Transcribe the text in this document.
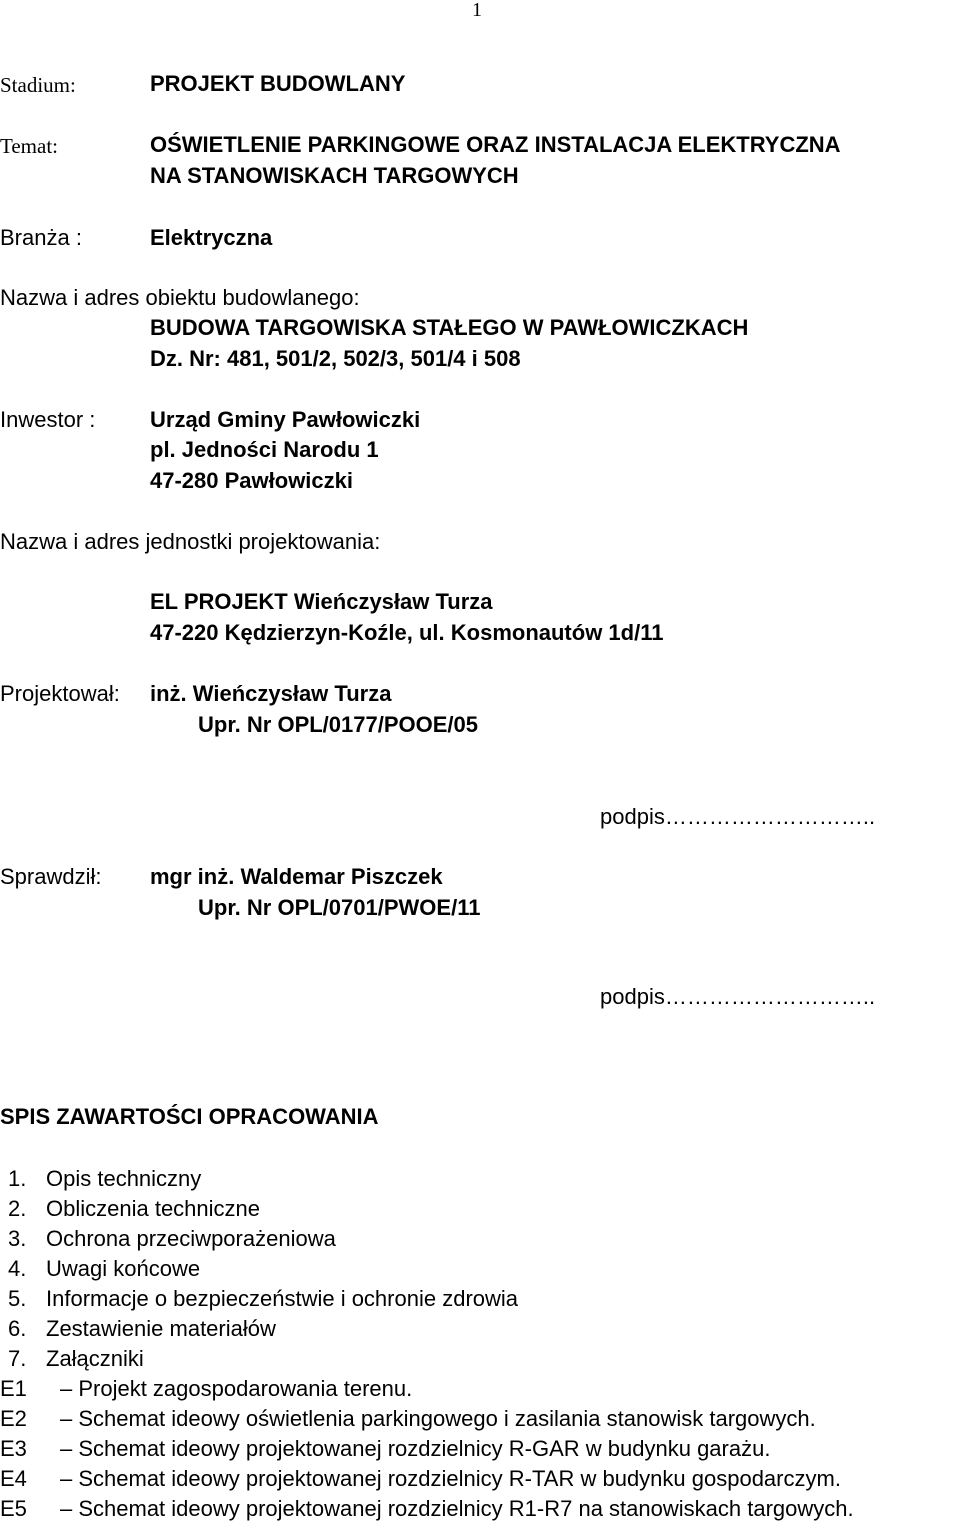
1
Stadium:	PROJEKT BUDOWLANY
Temat:	OŚWIETLENIE PARKINGOWE ORAZ INSTALACJA ELEKTRYCZNA
NA STANOWISKACH TARGOWYCH
Branża :	Elektryczna
Nazwa i adres obiektu budowlanego:
BUDOWA TARGOWISKA STAŁEGO W PAWŁOWICZKACH
Dz. Nr: 481, 501/2, 502/3, 501/4 i 508
Inwestor : Urząd Gminy Pawłowiczki
pl. Jedności Narodu 1
47-280 Pawłowiczki
Nazwa i adres jednostki projektowania:
EL PROJEKT Wieńczysław Turza
47-220 Kędzierzyn-Koźle, ul. Kosmonautów 1d/11
Projektował: inż. Wieńczysław Turza
Upr. Nr OPL/0177/POOE/05
podpis………………………..
Sprawdził: mgr inż. Waldemar Piszczek
Upr. Nr OPL/0701/PWOE/11
podpis………………………..
SPIS ZAWARTOŚCI OPRACOWANIA
1. Opis techniczny
2. Obliczenia techniczne
3. Ochrona przeciwporażeniowa
4. Uwagi końcowe
5. Informacje o bezpieczeństwie i ochronie zdrowia
6. Zestawienie materiałów
7. Załączniki
E1 – Projekt zagospodarowania terenu.
E2 – Schemat ideowy oświetlenia parkingowego i zasilania stanowisk targowych.
E3 – Schemat ideowy projektowanej rozdzielnicy R-GAR w budynku garażu.
E4 – Schemat ideowy projektowanej rozdzielnicy R-TAR w budynku gospodarczym.
E5 – Schemat ideowy projektowanej rozdzielnicy R1-R7 na stanowiskach targowych.
